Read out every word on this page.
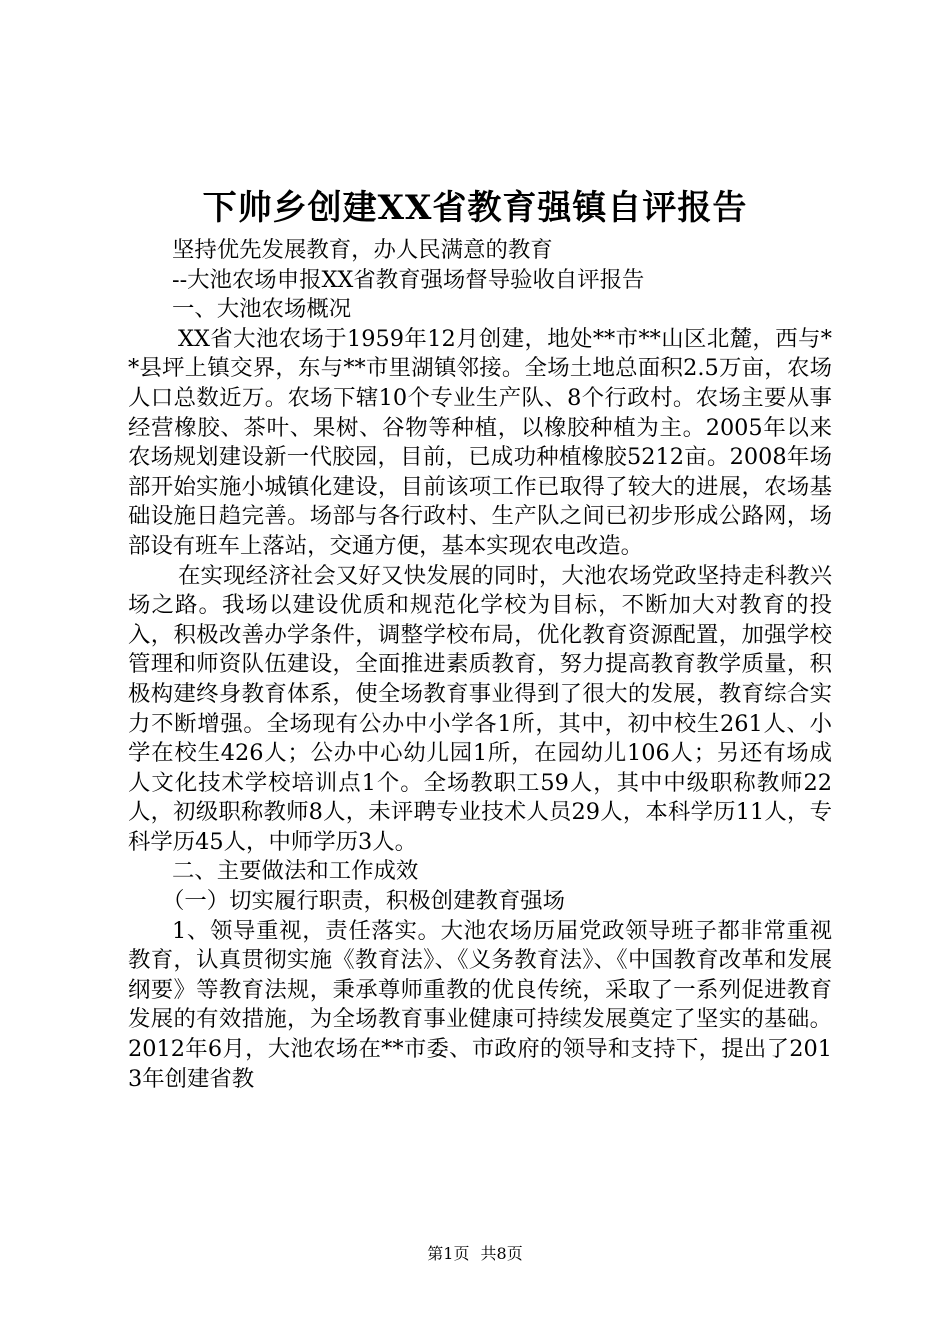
下帅乡创建XX省教育强镇自评报告

坚持优先发展教育，办人民满意的教育

--大池农场申报XX省教育强场督导验收自评报告

一、大池农场概况

XX省大池农场于1959年12月创建，地处**市**山区北麓，西与**县坪上镇交界，东与**市里湖镇邻接。全场土地总面积2.5万亩，农场人口总数近万。农场下辖10个专业生产队、8个行政村。农场主要从事经营橡胶、茶叶、果树、谷物等种植，以橡胶种植为主。2005年以来农场规划建设新一代胶园，目前，已成功种植橡胶5212亩。2008年场部开始实施小城镇化建设，目前该项工作已取得了较大的进展，农场基础设施日趋完善。场部与各行政村、生产队之间已初步形成公路网，场部设有班车上落站，交通方便，基本实现农电改造。

在实现经济社会又好又快发展的同时，大池农场党政坚持走科教兴场之路。我场以建设优质和规范化学校为目标，不断加大对教育的投入，积极改善办学条件，调整学校布局，优化教育资源配置，加强学校管理和师资队伍建设，全面推进素质教育，努力提高教育教学质量，积极构建终身教育体系，使全场教育事业得到了很大的发展，教育综合实力不断增强。全场现有公办中小学各1所，其中，初中校生261人、小学在校生426人；公办中心幼儿园1所，在园幼儿106人；另还有场成人文化技术学校培训点1个。全场教职工59人，其中中级职称教师22人，初级职称教师8人，未评聘专业技术人员29人，本科学历11人，专科学历45人，中师学历3人。

二、主要做法和工作成效

（一）切实履行职责，积极创建教育强场

1、领导重视，责任落实。大池农场历届党政领导班子都非常重视教育，认真贯彻实施《教育法》、《义务教育法》、《中国教育改革和发展纲要》等教育法规，秉承尊师重教的优良传统，采取了一系列促进教育发展的有效措施，为全场教育事业健康可持续发展奠定了坚实的基础。2012年6月，大池农场在**市委、市政府的领导和支持下，提出了2013年创建省教

第1页 共8页
